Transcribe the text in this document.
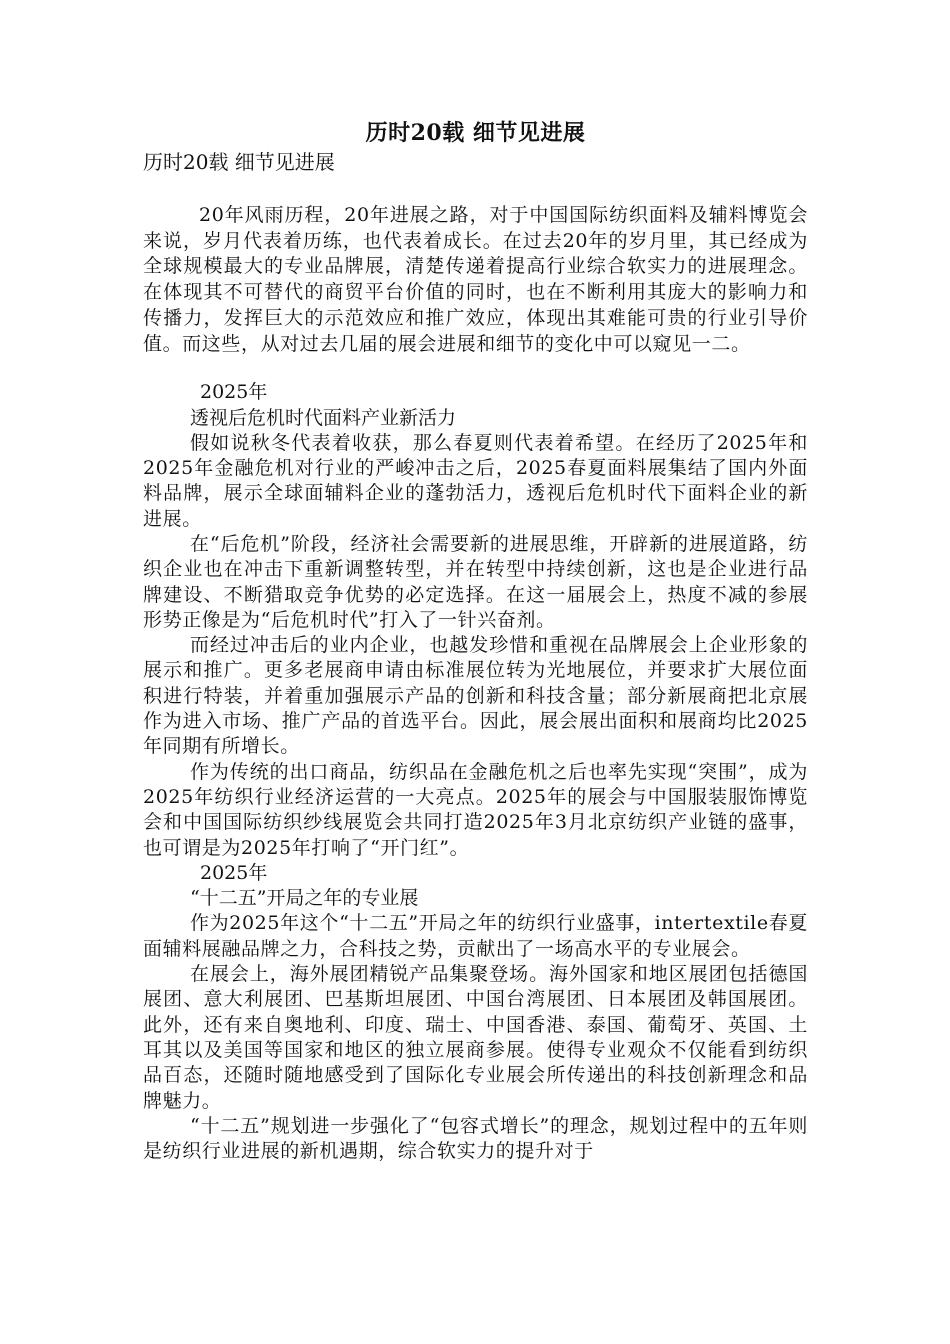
历时20载 细节见进展
历时20载 细节见进展

20年风雨历程，20年进展之路，对于中国国际纺织面料及辅料博览会来说，岁月代表着历练，也代表着成长。在过去20年的岁月里，其已经成为全球规模最大的专业品牌展，清楚传递着提高行业综合软实力的进展理念。在体现其不可替代的商贸平台价值的同时，也在不断利用其庞大的影响力和传播力，发挥巨大的示范效应和推广效应，体现出其难能可贵的行业引导价值。而这些，从对过去几届的展会进展和细节的变化中可以窥见一二。

2025年
透视后危机时代面料产业新活力

假如说秋冬代表着收获，那么春夏则代表着希望。在经历了2025年和2025年金融危机对行业的严峻冲击之后，2025春夏面料展集结了国内外面料品牌，展示全球面辅料企业的蓬勃活力，透视后危机时代下面料企业的新进展。

在“后危机”阶段，经济社会需要新的进展思维，开辟新的进展道路，纺织企业也在冲击下重新调整转型，并在转型中持续创新，这也是企业进行品牌建设、不断猎取竞争优势的必定选择。在这一届展会上，热度不减的参展形势正像是为“后危机时代”打入了一针兴奋剂。

而经过冲击后的业内企业，也越发珍惜和重视在品牌展会上企业形象的展示和推广。更多老展商申请由标准展位转为光地展位，并要求扩大展位面积进行特装，并着重加强展示产品的创新和科技含量；部分新展商把北京展作为进入市场、推广产品的首选平台。因此，展会展出面积和展商均比2025年同期有所增长。

作为传统的出口商品，纺织品在金融危机之后也率先实现“突围”，成为2025年纺织行业经济运营的一大亮点。2025年的展会与中国服装服饰博览会和中国国际纺织纱线展览会共同打造2025年3月北京纺织产业链的盛事，也可谓是为2025年打响了“开门红”。

2025年
“十二五”开局之年的专业展

作为2025年这个“十二五”开局之年的纺织行业盛事，intertextile春夏面辅料展融品牌之力，合科技之势，贡献出了一场高水平的专业展会。

在展会上，海外展团精锐产品集聚登场。海外国家和地区展团包括德国展团、意大利展团、巴基斯坦展团、中国台湾展团、日本展团及韩国展团。此外，还有来自奥地利、印度、瑞士、中国香港、泰国、葡萄牙、英国、土耳其以及美国等国家和地区的独立展商参展。使得专业观众不仅能看到纺织品百态，还随时随地感受到了国际化专业展会所传递出的科技创新理念和品牌魅力。

“十二五”规划进一步强化了“包容式增长”的理念，规划过程中的五年则是纺织行业进展的新机遇期，综合软实力的提升对于
